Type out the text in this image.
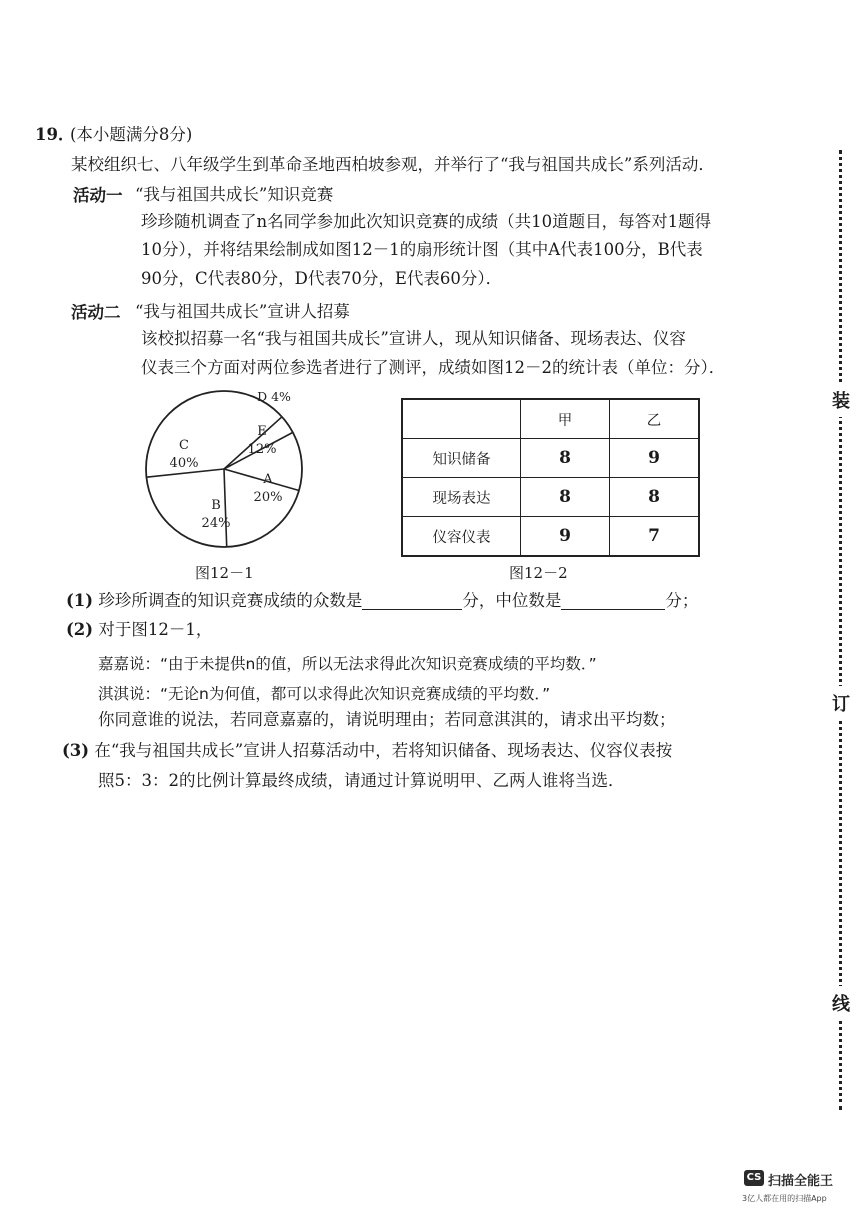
19．
(本小题满分8分)
某校组织七、八年级学生到革命圣地西柏坡参观，并举行了“我与祖国共成长”系列活动．
活动一 “我与祖国共成长”知识竞赛
珍珍随机调查了n名同学参加此次知识竞赛的成绩（共10道题目，每答对1题得
10分），并将结果绘制成如图12－1的扇形统计图（其中A代表100分，B代表
90分，C代表80分，D代表70分，E代表60分）．
活动二 “我与祖国共成长”宣讲人招募
该校拟招募一名“我与祖国共成长”宣讲人，现从知识储备、现场表达、仪容
仪表三个方面对两位参选者进行了测评，成绩如图12－2的统计表（单位：分）．
A
20%
B
24%
C
40%
D 4%
E
12%
图12－1
	甲	乙
知识储备	8	9
现场表达	8	8
仪容仪表	9	7
图12－2
(1) 珍珍所调查的知识竞赛成绩的众数是	分，中位数是	分；
(2) 对于图12－1，
嘉嘉说：“由于未提供n的值，所以无法求得此次知识竞赛成绩的平均数．”
淇淇说：“无论n为何值，都可以求得此次知识竞赛成绩的平均数．”
你同意谁的说法，若同意嘉嘉的，请说明理由；若同意淇淇的，请求出平均数；
(3) 在“我与祖国共成长”宣讲人招募活动中，若将知识储备、现场表达、仪容仪表按
照5：3：2的比例计算最终成绩，请通过计算说明甲、乙两人谁将当选．
装
订
线
CS 扫描全能王
3亿人都在用的扫描App
